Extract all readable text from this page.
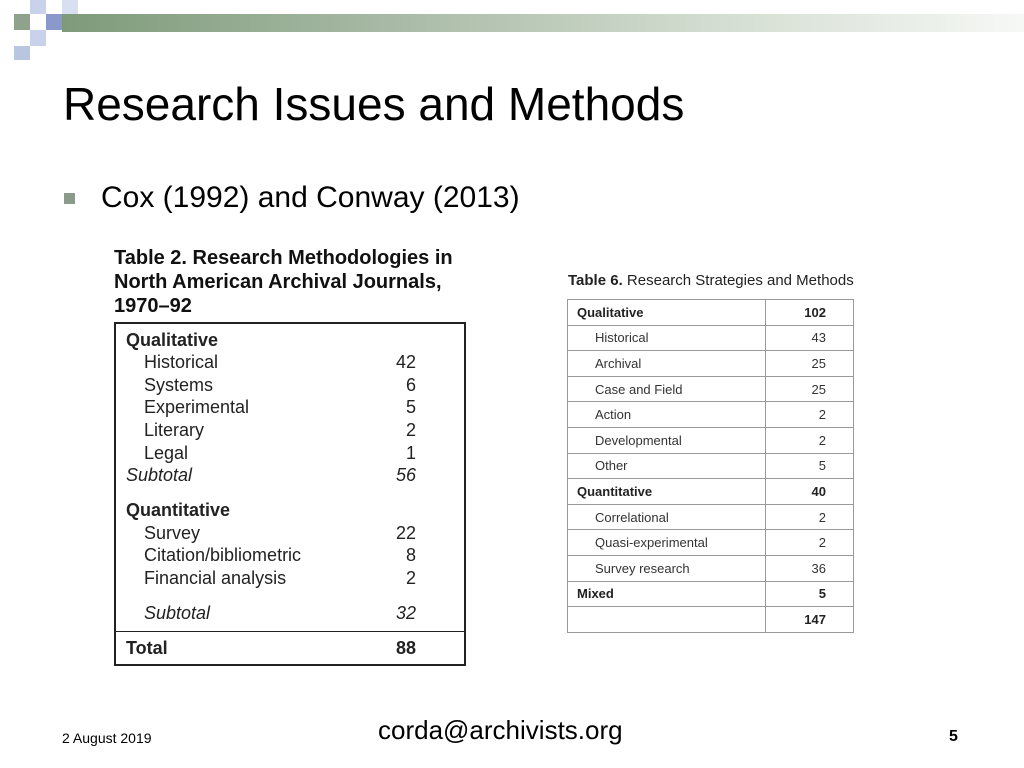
Research Issues and Methods
Cox (1992) and Conway (2013)
Table 2. Research Methodologies in
North American Archival Journals,
1970–92
Qualitative
Historical	42
Systems	6
Experimental	5
Literary	2
Legal	1
Subtotal	56
Quantitative
Survey	22
Citation/bibliometric	8
Financial analysis	2
Subtotal	32
Total	88
Table 6. Research Strategies and Methods
Qualitative	102
Historical	43
Archival	25
Case and Field	25
Action	2
Developmental	2
Other	5
Quantitative	40
Correlational	2
Quasi-experimental	2
Survey research	36
Mixed	5
	147
2 August 2019	corda@archivists.org	5
